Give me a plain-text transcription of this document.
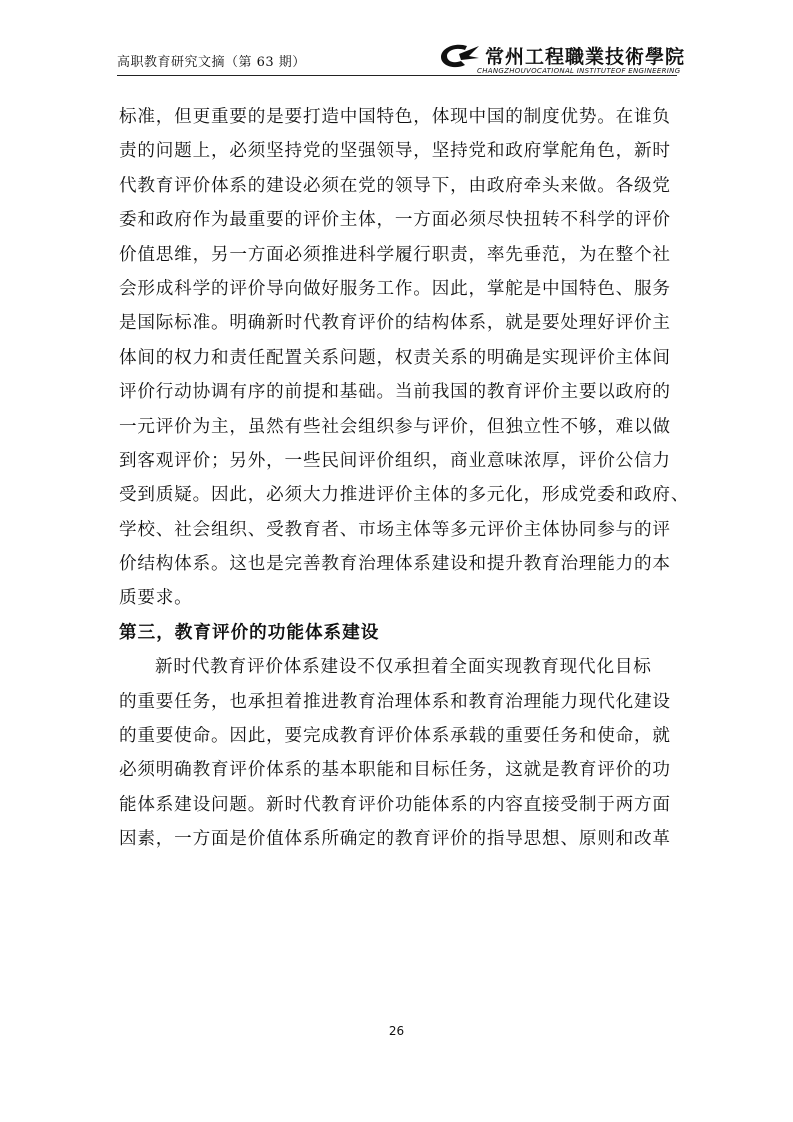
高职教育研究文摘（第 63 期）	常州工程職業技術學院
CHANGZHOUVOCATIONAL INSTITUTEOF ENGINEERING
标准，但更重要的是要打造中国特色，体现中国的制度优势。在谁负
责的问题上，必须坚持党的坚强领导，坚持党和政府掌舵角色，新时
代教育评价体系的建设必须在党的领导下，由政府牵头来做。各级党
委和政府作为最重要的评价主体，一方面必须尽快扭转不科学的评价
价值思维，另一方面必须推进科学履行职责，率先垂范，为在整个社
会形成科学的评价导向做好服务工作。因此，掌舵是中国特色、服务
是国际标准。明确新时代教育评价的结构体系，就是要处理好评价主
体间的权力和责任配置关系问题，权责关系的明确是实现评价主体间
评价行动协调有序的前提和基础。当前我国的教育评价主要以政府的
一元评价为主，虽然有些社会组织参与评价，但独立性不够，难以做
到客观评价；另外，一些民间评价组织，商业意味浓厚，评价公信力
受到质疑。因此，必须大力推进评价主体的多元化，形成党委和政府、
学校、社会组织、受教育者、市场主体等多元评价主体协同参与的评
价结构体系。这也是完善教育治理体系建设和提升教育治理能力的本
质要求。
第三，教育评价的功能体系建设
新时代教育评价体系建设不仅承担着全面实现教育现代化目标
的重要任务，也承担着推进教育治理体系和教育治理能力现代化建设
的重要使命。因此，要完成教育评价体系承载的重要任务和使命，就
必须明确教育评价体系的基本职能和目标任务，这就是教育评价的功
能体系建设问题。新时代教育评价功能体系的内容直接受制于两方面
因素，一方面是价值体系所确定的教育评价的指导思想、原则和改革
26
